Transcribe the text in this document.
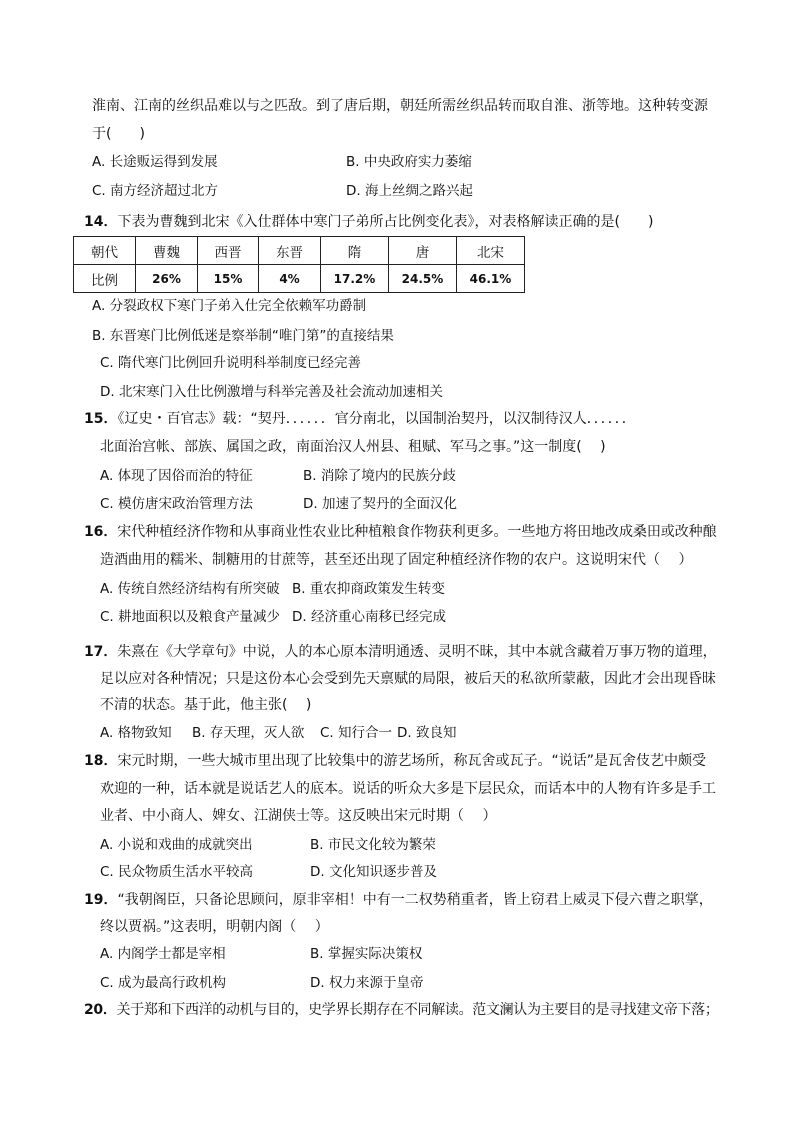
淮南、江南的丝织品难以与之匹敌。到了唐后期，朝廷所需丝织品转而取自淮、浙等地。这种转变源
于(　　)
A. 长途贩运得到发展	B. 中央政府实力萎缩
C. 南方经济超过北方	D. 海上丝绸之路兴起
14．下表为曹魏到北宋《入仕群体中寒门子弟所占比例变化表》，对表格解读正确的是(　　)
朝代	曹魏	西晋	东晋	隋	唐	北宋
比例	26%	15%	4%	17.2%	24.5%	46.1%
A. 分裂政权下寒门子弟入仕完全依赖军功爵制
B. 东晋寒门比例低迷是察举制“唯门第”的直接结果
C. 隋代寒门比例回升说明科举制度已经完善
D. 北宋寒门入仕比例激增与科举完善及社会流动加速相关
15．《辽史・百官志》载：“契丹．．．．．．官分南北，以国制治契丹，以汉制待汉人．．．．．．
北面治宫帐、部族、属国之政，南面治汉人州县、租赋、军马之事。”这一制度(　 )
A. 体现了因俗而治的特征	B. 消除了境内的民族分歧
C. 模仿唐宋政治管理方法	D. 加速了契丹的全面汉化
16．宋代种植经济作物和从事商业性农业比种植粮食作物获利更多。一些地方将田地改成桑田或改种酿
造酒曲用的糯米、制糖用的甘蔗等，甚至还出现了固定种植经济作物的农户。这说明宋代（　 ）
A. 传统自然经济结构有所突破 B. 重农抑商政策发生转变
C. 耕地面积以及粮食产量减少 D. 经济重心南移已经完成
17．朱熹在《大学章句》中说，人的本心原本清明通透、灵明不昧，其中本就含藏着万事万物的道理，
足以应对各种情况；只是这份本心会受到先天禀赋的局限，被后天的私欲所蒙蔽，因此才会出现昏昧
不清的状态。基于此，他主张(　 )
A. 格物致知 B. 存天理，灭人欲 C. 知行合一 D. 致良知
18．宋元时期，一些大城市里出现了比较集中的游艺场所，称瓦舍或瓦子。“说话”是瓦舍伎艺中颇受
欢迎的一种，话本就是说话艺人的底本。说话的听众大多是下层民众，而话本中的人物有许多是手工
业者、中小商人、婢女、江湖侠士等。这反映出宋元时期（　 ）
A. 小说和戏曲的成就突出	B. 市民文化较为繁荣
C. 民众物质生活水平较高	D. 文化知识逐步普及
19．“我朝阁臣，只备论思顾问，原非宰相！中有一二权势稍重者，皆上窃君上威灵下侵六曹之职掌，
终以贾祸。”这表明，明朝内阁（　 ）
A. 内阁学士都是宰相	B. 掌握实际决策权
C. 成为最高行政机构	D. 权力来源于皇帝
20．关于郑和下西洋的动机与目的，史学界长期存在不同解读。范文澜认为主要目的是寻找建文帝下落；
